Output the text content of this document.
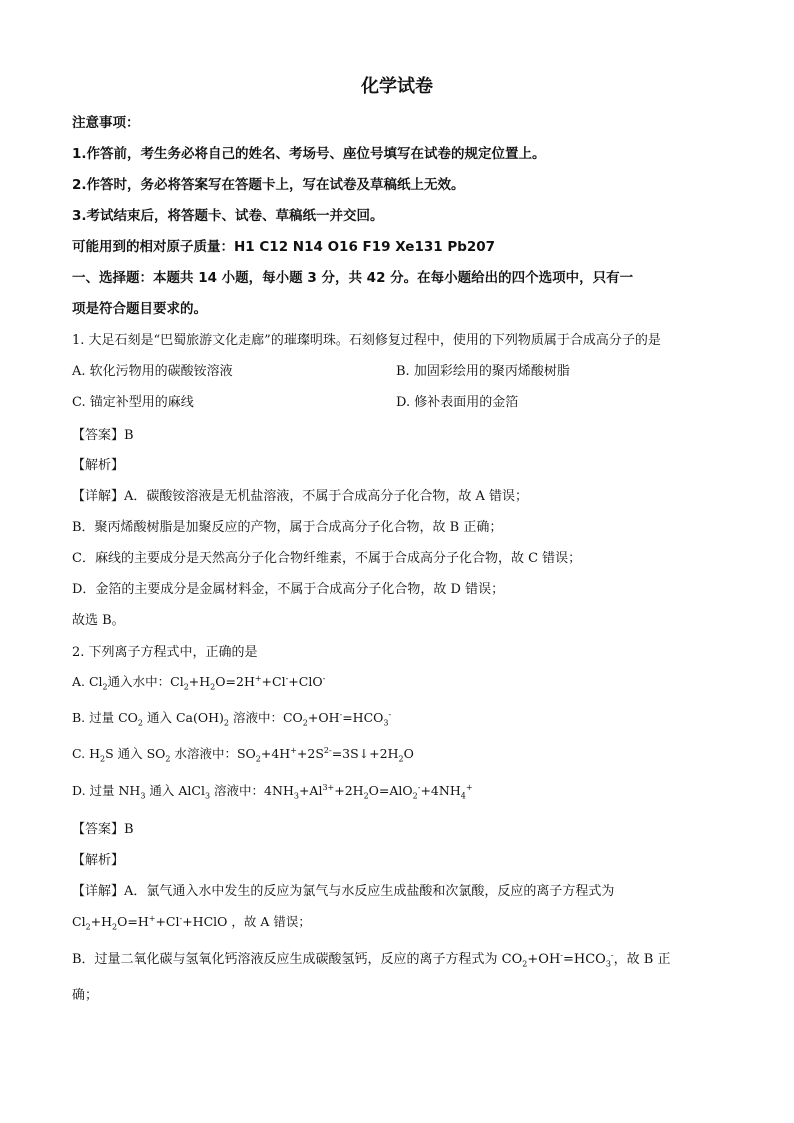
化学试卷
注意事项：
1.作答前，考生务必将自己的姓名、考场号、座位号填写在试卷的规定位置上。
2.作答时，务必将答案写在答题卡上，写在试卷及草稿纸上无效。
3.考试结束后，将答题卡、试卷、草稿纸一并交回。
可能用到的相对原子质量：H1 C12 N14 O16 F19 Xe131 Pb207
一、选择题：本题共 14 小题，每小题 3 分，共 42 分。在每小题给出的四个选项中，只有一
项是符合题目要求的。
1. 大足石刻是“巴蜀旅游文化走廊”的璀璨明珠。石刻修复过程中，使用的下列物质属于合成高分子的是
A. 软化污物用的碳酸铵溶液	B. 加固彩绘用的聚丙烯酸树脂
C. 锚定补型用的麻线	D. 修补表面用的金箔
【答案】B
【解析】
【详解】A．碳酸铵溶液是无机盐溶液，不属于合成高分子化合物，故 A 错误；
B．聚丙烯酸树脂是加聚反应的产物，属于合成高分子化合物，故 B 正确；
C．麻线的主要成分是天然高分子化合物纤维素，不属于合成高分子化合物，故 C 错误；
D．金箔的主要成分是金属材料金，不属于合成高分子化合物，故 D 错误；
故选 B。
2. 下列离子方程式中，正确的是
A. $Cl_2$通入水中：$Cl_2+H_2O=2H^++Cl^-+ClO^-$
B. 过量 $CO_2$ 通入 $Ca(OH)_2$ 溶液中：$CO_2+OH^-=HCO_3^-$
C. $H_2S$ 通入 $SO_2$ 水溶液中：$SO_2+4H^++2S^{2-}=3S↓+2H_2O$
D. 过量 $NH_3$ 通入 AlCl$_3$ 溶液中：$4NH_3+Al^{3+}+2H_2O=AlO_2^-+4NH_4^+$
【答案】B
【解析】
【详解】A．氯气通入水中发生的反应为氯气与水反应生成盐酸和次氯酸，反应的离子方程式为
$Cl_2+H_2O=H^++Cl^-+HClO$ ，故 A 错误；
B．过量二氧化碳与氢氧化钙溶液反应生成碳酸氢钙，反应的离子方程式为 $CO_2+OH^-=HCO_3^-$，故 B 正
确；
